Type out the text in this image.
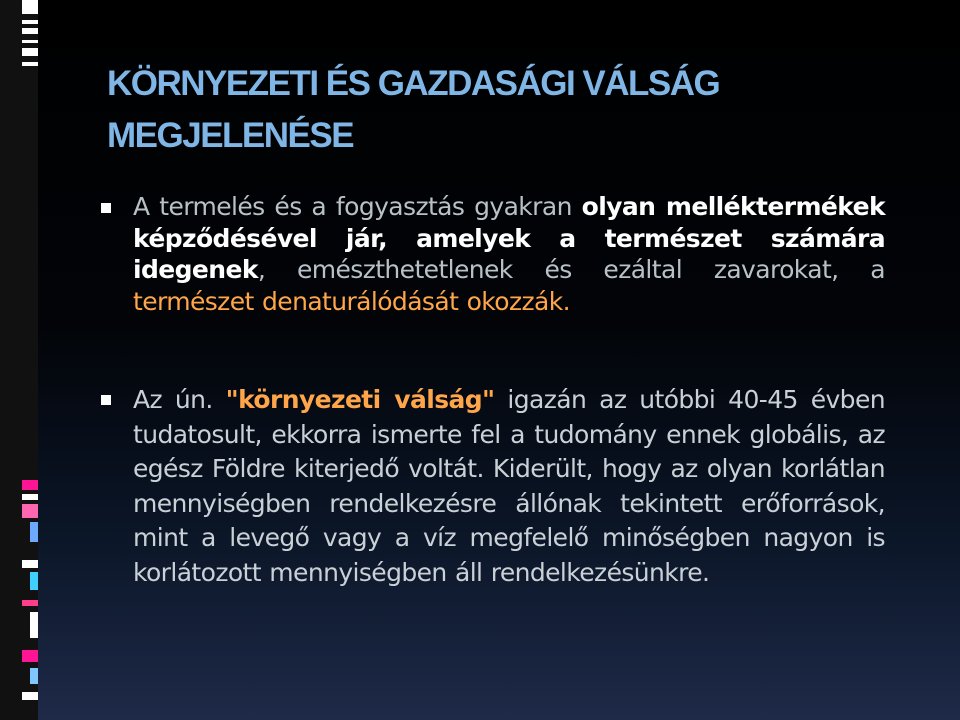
KÖRNYEZETI ÉS GAZDASÁGI VÁLSÁG
MEGJELENÉSE
A termelés és a fogyasztás gyakran olyan melléktermékek képződésével jár, amelyek a természet számára idegenek, emészthetetlenek és ezáltal zavarokat, a természet denaturálódását okozzák.
Az ún. "környezeti válság" igazán az utóbbi 40-45 évben tudatosult, ekkorra ismerte fel a tudomány ennek globális, az egész Földre kiterjedő voltát. Kiderült, hogy az olyan korlátlan mennyiségben rendelkezésre állónak tekintett erőforrások, mint a levegő vagy a víz megfelelő minőségben nagyon is korlátozott mennyiségben áll rendelkezésünkre.
